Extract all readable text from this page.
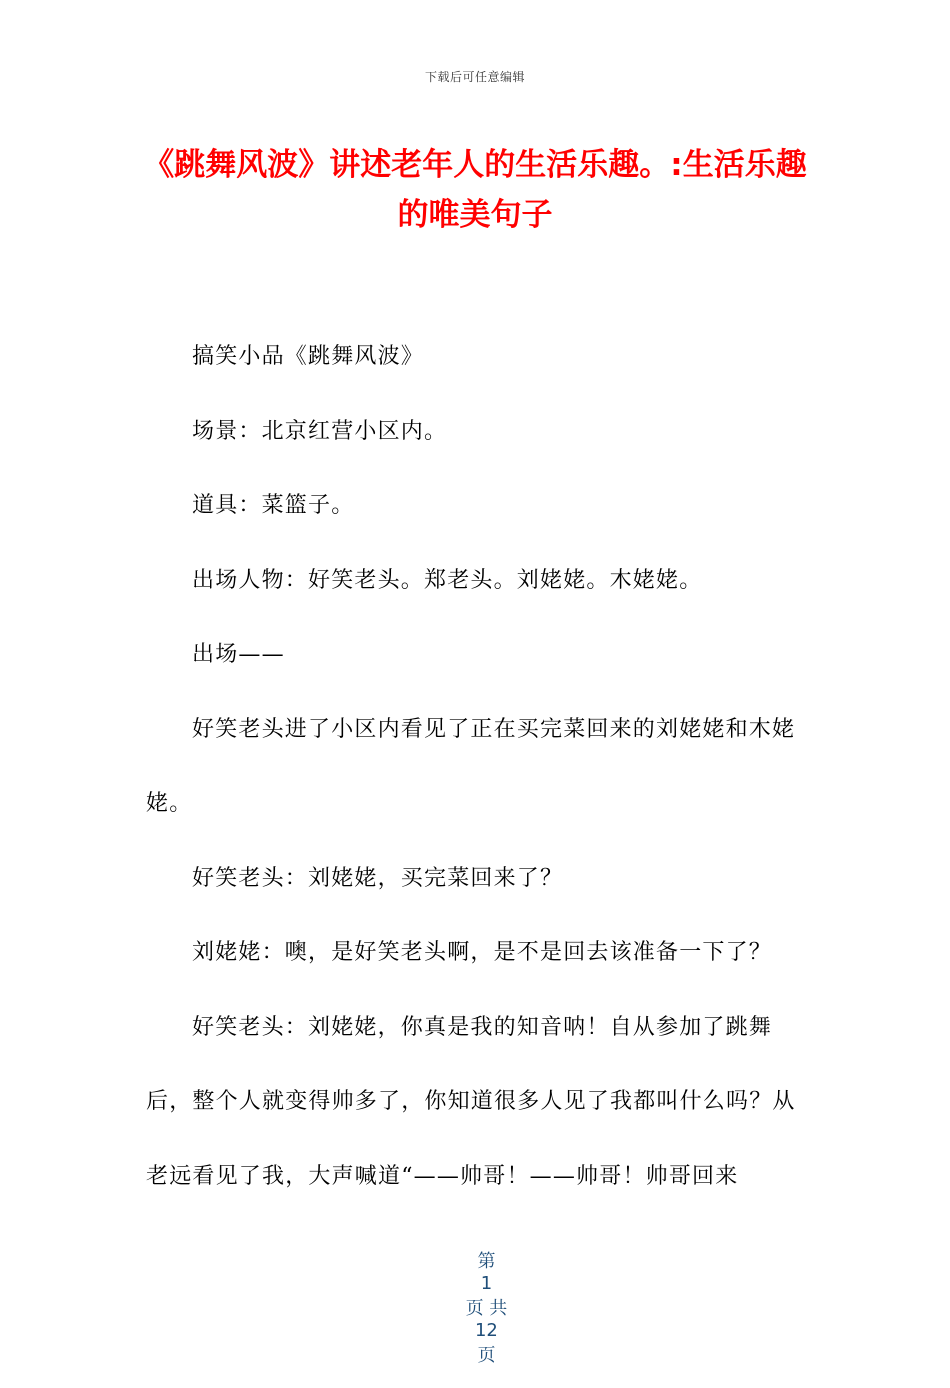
下载后可任意编辑
《跳舞风波》讲述老年人的生活乐趣。:生活乐趣的唯美句子

搞笑小品《跳舞风波》

场景：北京红营小区内。

道具：菜篮子。

出场人物：好笑老头。郑老头。刘姥姥。木姥姥。

出场——

好笑老头进了小区内看见了正在买完菜回来的刘姥姥和木姥姥。

好笑老头：刘姥姥，买完菜回来了？

刘姥姥：噢，是好笑老头啊，是不是回去该准备一下了？

好笑老头：刘姥姥，你真是我的知音呐！自从参加了跳舞后，整个人就变得帅多了，你知道很多人见了我都叫什么吗？从老远看见了我，大声喊道“——帅哥！——帅哥！帅哥回来

第
1
页 共
12
页
